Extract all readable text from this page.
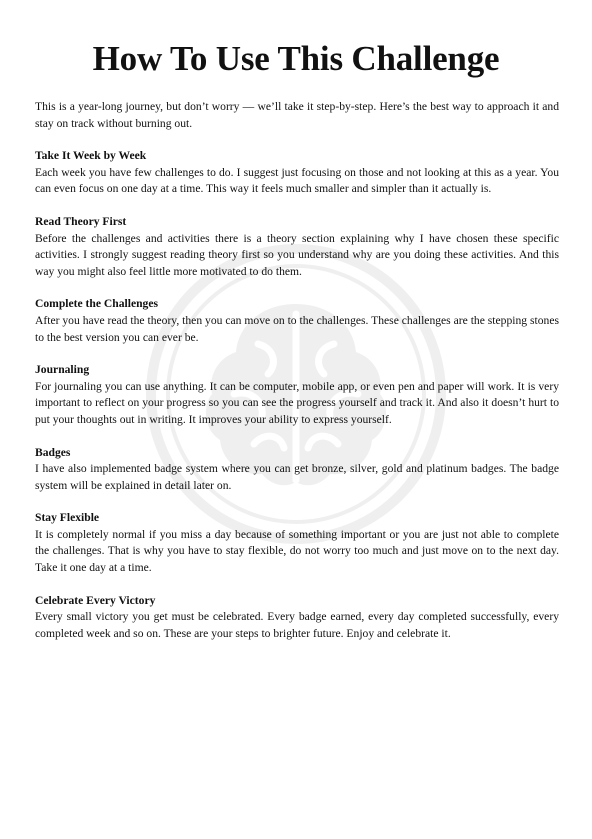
How To Use This Challenge

This is a year-long journey, but don’t worry — we’ll take it step-by-step. Here’s the best way to approach it and stay on track without burning out.

Take It Week by Week

Each week you have few challenges to do. I suggest just focusing on those and not looking at this as a year. You can even focus on one day at a time. This way it feels much smaller and simpler than it actually is.

Read Theory First

Before the challenges and activities there is a theory section explaining why I have chosen these specific activities. I strongly suggest reading theory first so you understand why are you doing these activities. And this way you might also feel little more motivated to do them.

Complete the Challenges

After you have read the theory, then you can move on to the challenges. These challenges are the stepping stones to the best version you can ever be.

Journaling

For journaling you can use anything. It can be computer, mobile app, or even pen and paper will work. It is very important to reflect on your progress so you can see the progress yourself and track it. And also it doesn’t hurt to put your thoughts out in writing. It improves your ability to express yourself.

Badges

I have also implemented badge system where you can get bronze, silver, gold and platinum badges. The badge system will be explained in detail later on.

Stay Flexible

It is completely normal if you miss a day because of something important or you are just not able to complete the challenges. That is why you have to stay flexible, do not worry too much and just move on to the next day. Take it one day at a time.

Celebrate Every Victory

Every small victory you get must be celebrated. Every badge earned, every day completed successfully, every completed week and so on. These are your steps to brighter future. Enjoy and celebrate it.
